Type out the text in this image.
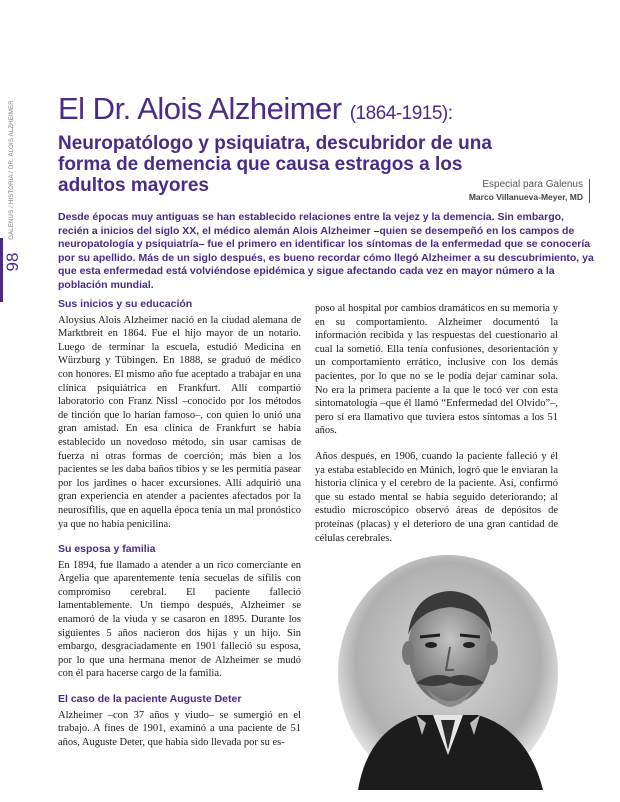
GALENUS / HISTORIA / DR. ALOIS ALZHEIMER
98
El Dr. Alois Alzheimer (1864-1915):
Neuropatólogo y psiquiatra, descubridor de una forma de demencia que causa estragos a los adultos mayores	Especial para Galenus
Marco Villanueva-Meyer, MD

Desde épocas muy antiguas se han establecido relaciones entre la vejez y la demencia. Sin embargo, recién a inicios del siglo XX, el médico alemán Alois Alzheimer –quien se desempeñó en los campos de neuropatología y psiquiatría– fue el primero en identificar los síntomas de la enfermedad que se conocería por su apellido. Más de un siglo después, es bueno recordar cómo llegó Alzheimer a su descubrimiento, ya que esta enfermedad está volviéndose epidémica y sigue afectando cada vez en mayor número a la población mundial.

Sus inicios y su educación

Aloysius Alois Alzheimer nació en la ciudad alemana de Marktbreit en 1864. Fue el hijo mayor de un notario. Luego de terminar la escuela, estudió Medicina en Würzburg y Tübingen. En 1888, se graduó de médico con honores. El mismo año fue aceptado a trabajar en una clínica psiquiátrica en Frankfurt. Allí compartió laboratorio con Franz Nissl –conocido por los métodos de tinción que lo harían famoso–, con quien lo unió una gran amistad. En esa clínica de Frankfurt se había establecido un novedoso método, sin usar camisas de fuerza ni otras formas de coerción; más bien a los pacientes se les daba baños tibios y se les permitía pasear por los jardines o hacer excursiones. Allí adquirió una gran experiencia en atender a pacientes afectados por la neurosífilis, que en aquella época tenía un mal pronóstico ya que no había penicilina.

Su esposa y familia

En 1894, fue llamado a atender a un rico comerciante en Argelia que aparentemente tenía secuelas de sífilis con compromiso cerebral. El paciente falleció lamentablemente. Un tiempo después, Alzheimer se enamoró de la viuda y se casaron en 1895. Durante los siguientes 5 años nacieron dos hijas y un hijo. Sin embargo, desgraciadamente en 1901 falleció su esposa, por lo que una hermana menor de Alzheimer se mudó con él para hacerse cargo de la familia.

El caso de la paciente Auguste Deter

Alzheimer –con 37 años y viudo– se sumergió en el trabajo. A fines de 1901, examinó a una paciente de 51 años, Auguste Deter, que había sido llevada por su es-

poso al hospital por cambios dramáticos en su memoria y en su comportamiento. Alzheimer documentó la información recibida y las respuestas del cuestionario al cual la sometió. Ella tenía confusiones, desorientación y un comportamiento errático, inclusive con los demás pacientes, por lo que no se le podía dejar caminar sola. No era la primera paciente a la que le tocó ver con esta sintomatología –que él llamó “Enfermedad del Olvido”–, pero sí era llamativo que tuviera estos síntomas a los 51 años.

Años después, en 1906, cuando la paciente falleció y él ya estaba establecido en Múnich, logró que le enviaran la historia clínica y el cerebro de la paciente. Así, confirmó que su estado mental se había seguido deteriorando; al estudio microscópico observó áreas de depósitos de proteínas (placas) y el deterioro de una gran cantidad de células cerebrales.
